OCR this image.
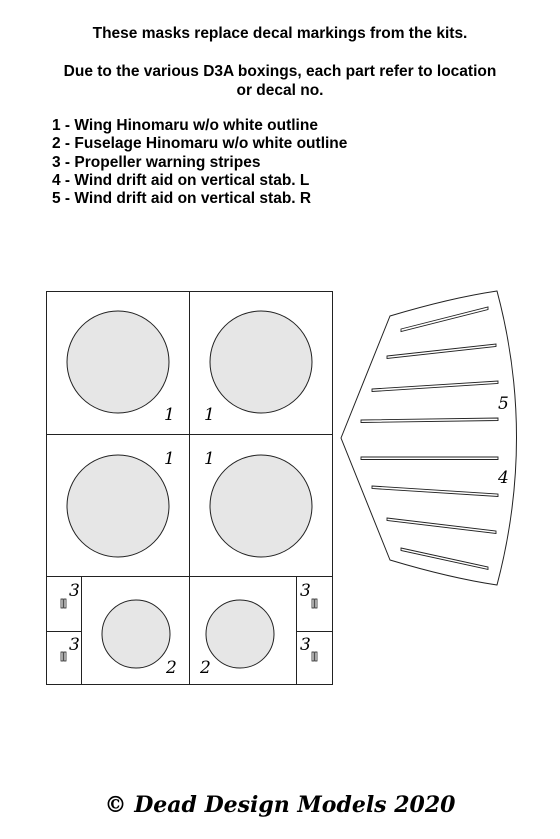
These masks replace decal markings from the kits.
Due to the various D3A boxings, each part refer to location
or decal no.
1 - Wing Hinomaru w/o white outline
2 - Fuselage Hinomaru w/o white outline
3 - Propeller warning stripes
4 - Wind drift aid on vertical stab. L
5 - Wind drift aid on vertical stab. R
1 1
1 1
2 2
3
3
3
3
5
4
© Dead Design Models 2020
